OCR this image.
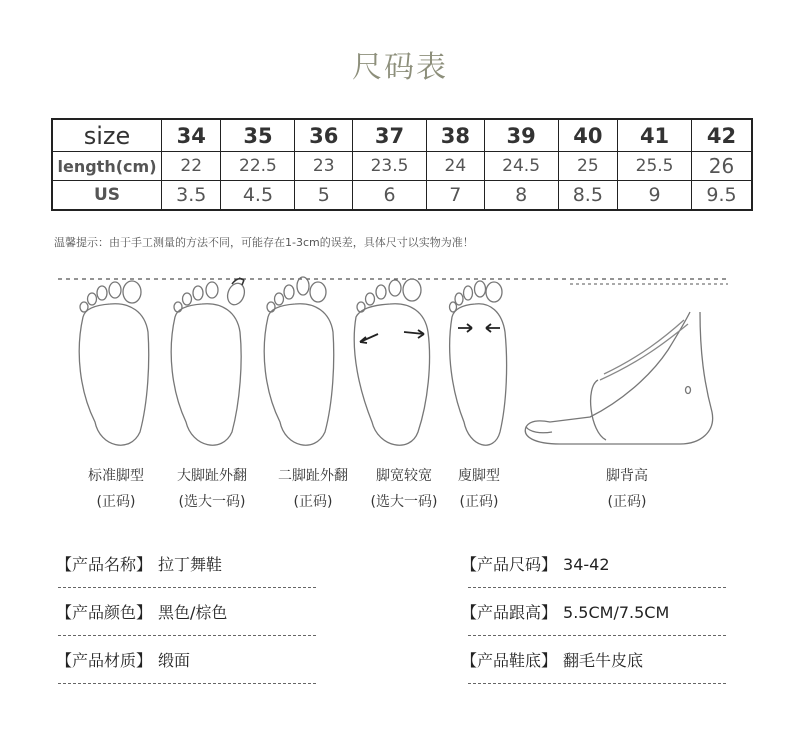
尺码表
size	34	35	36	37	38	39	40	41	42
length(cm)	22	22.5	23	23.5	24	24.5	25	25.5	26
US	3.5	4.5	5	6	7	8	8.5	9	9.5
温馨提示：由于手工测量的方法不同，可能存在1-3cm的误差，具体尺寸以实物为准！
标准脚型
(正码)
大脚趾外翻
(选大一码)
二脚趾外翻
(正码)
脚宽较宽
(选大一码)
廋脚型
(正码)
脚背高
(正码)
【产品名称】 拉丁舞鞋	【产品尺码】 34-42
【产品颜色】 黑色/棕色	【产品跟高】 5.5CM/7.5CM
【产品材质】 缎面	【产品鞋底】 翻毛牛皮底
